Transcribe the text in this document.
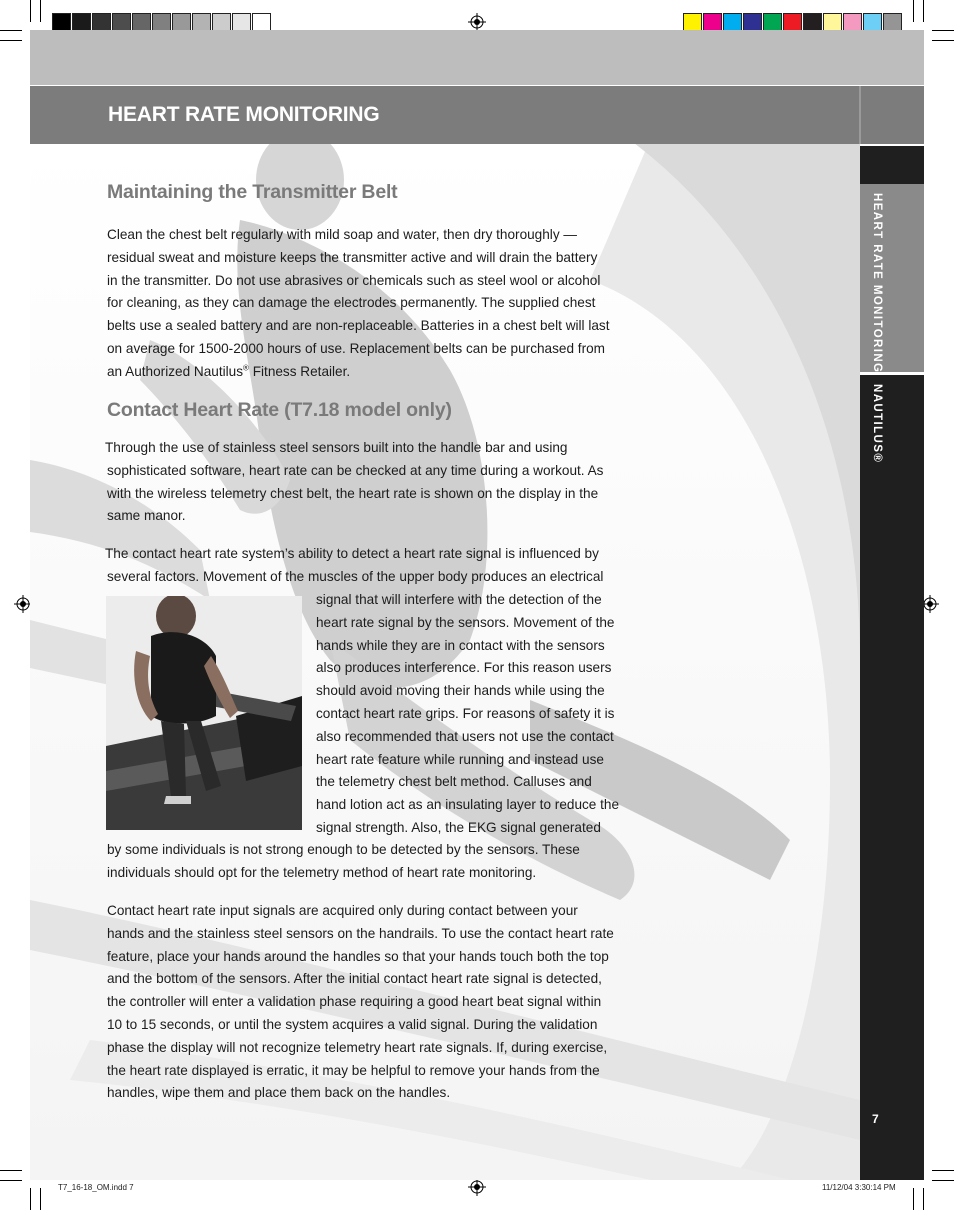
HEART RATE MONITORING
HEART RATE MONITORING
NAUTILUS®
7
Maintaining the Transmitter Belt
Clean the chest belt regularly with mild soap and water, then dry thoroughly —
residual sweat and moisture keeps the transmitter active and will drain the battery
in the transmitter. Do not use abrasives or chemicals such as steel wool or alcohol
for cleaning, as they can damage the electrodes permanently. The supplied chest
belts use a sealed battery and are non-replaceable. Batteries in a chest belt will last
on average for 1500-2000 hours of use. Replacement belts can be purchased from
an Authorized Nautilus® Fitness Retailer.
Contact Heart Rate (T7.18 model only)
Through the use of stainless steel sensors built into the handle bar and using
sophisticated software, heart rate can be checked at any time during a workout. As
with the wireless telemetry chest belt, the heart rate is shown on the display in the
same manor.
The contact heart rate system’s ability to detect a heart rate signal is influenced by
several factors. Movement of the muscles of the upper body produces an electrical
signal that will interfere with the detection of the
heart rate signal by the sensors. Movement of the
hands while they are in contact with the sensors
also produces interference. For this reason users
should avoid moving their hands while using the
contact heart rate grips. For reasons of safety it is
also recommended that users not use the contact
heart rate feature while running and instead use
the telemetry chest belt method. Calluses and
hand lotion act as an insulating layer to reduce the
signal strength. Also, the EKG signal generated
by some individuals is not strong enough to be detected by the sensors. These
individuals should opt for the telemetry method of heart rate monitoring.
Contact heart rate input signals are acquired only during contact between your
hands and the stainless steel sensors on the handrails. To use the contact heart rate
feature, place your hands around the handles so that your hands touch both the top
and the bottom of the sensors. After the initial contact heart rate signal is detected,
the controller will enter a validation phase requiring a good heart beat signal within
10 to 15 seconds, or until the system acquires a valid signal. During the validation
phase the display will not recognize telemetry heart rate signals. If, during exercise,
the heart rate displayed is erratic, it may be helpful to remove your hands from the
handles, wipe them and place them back on the handles.
T7_16-18_OM.indd 7	11/12/04 3:30:14 PM
